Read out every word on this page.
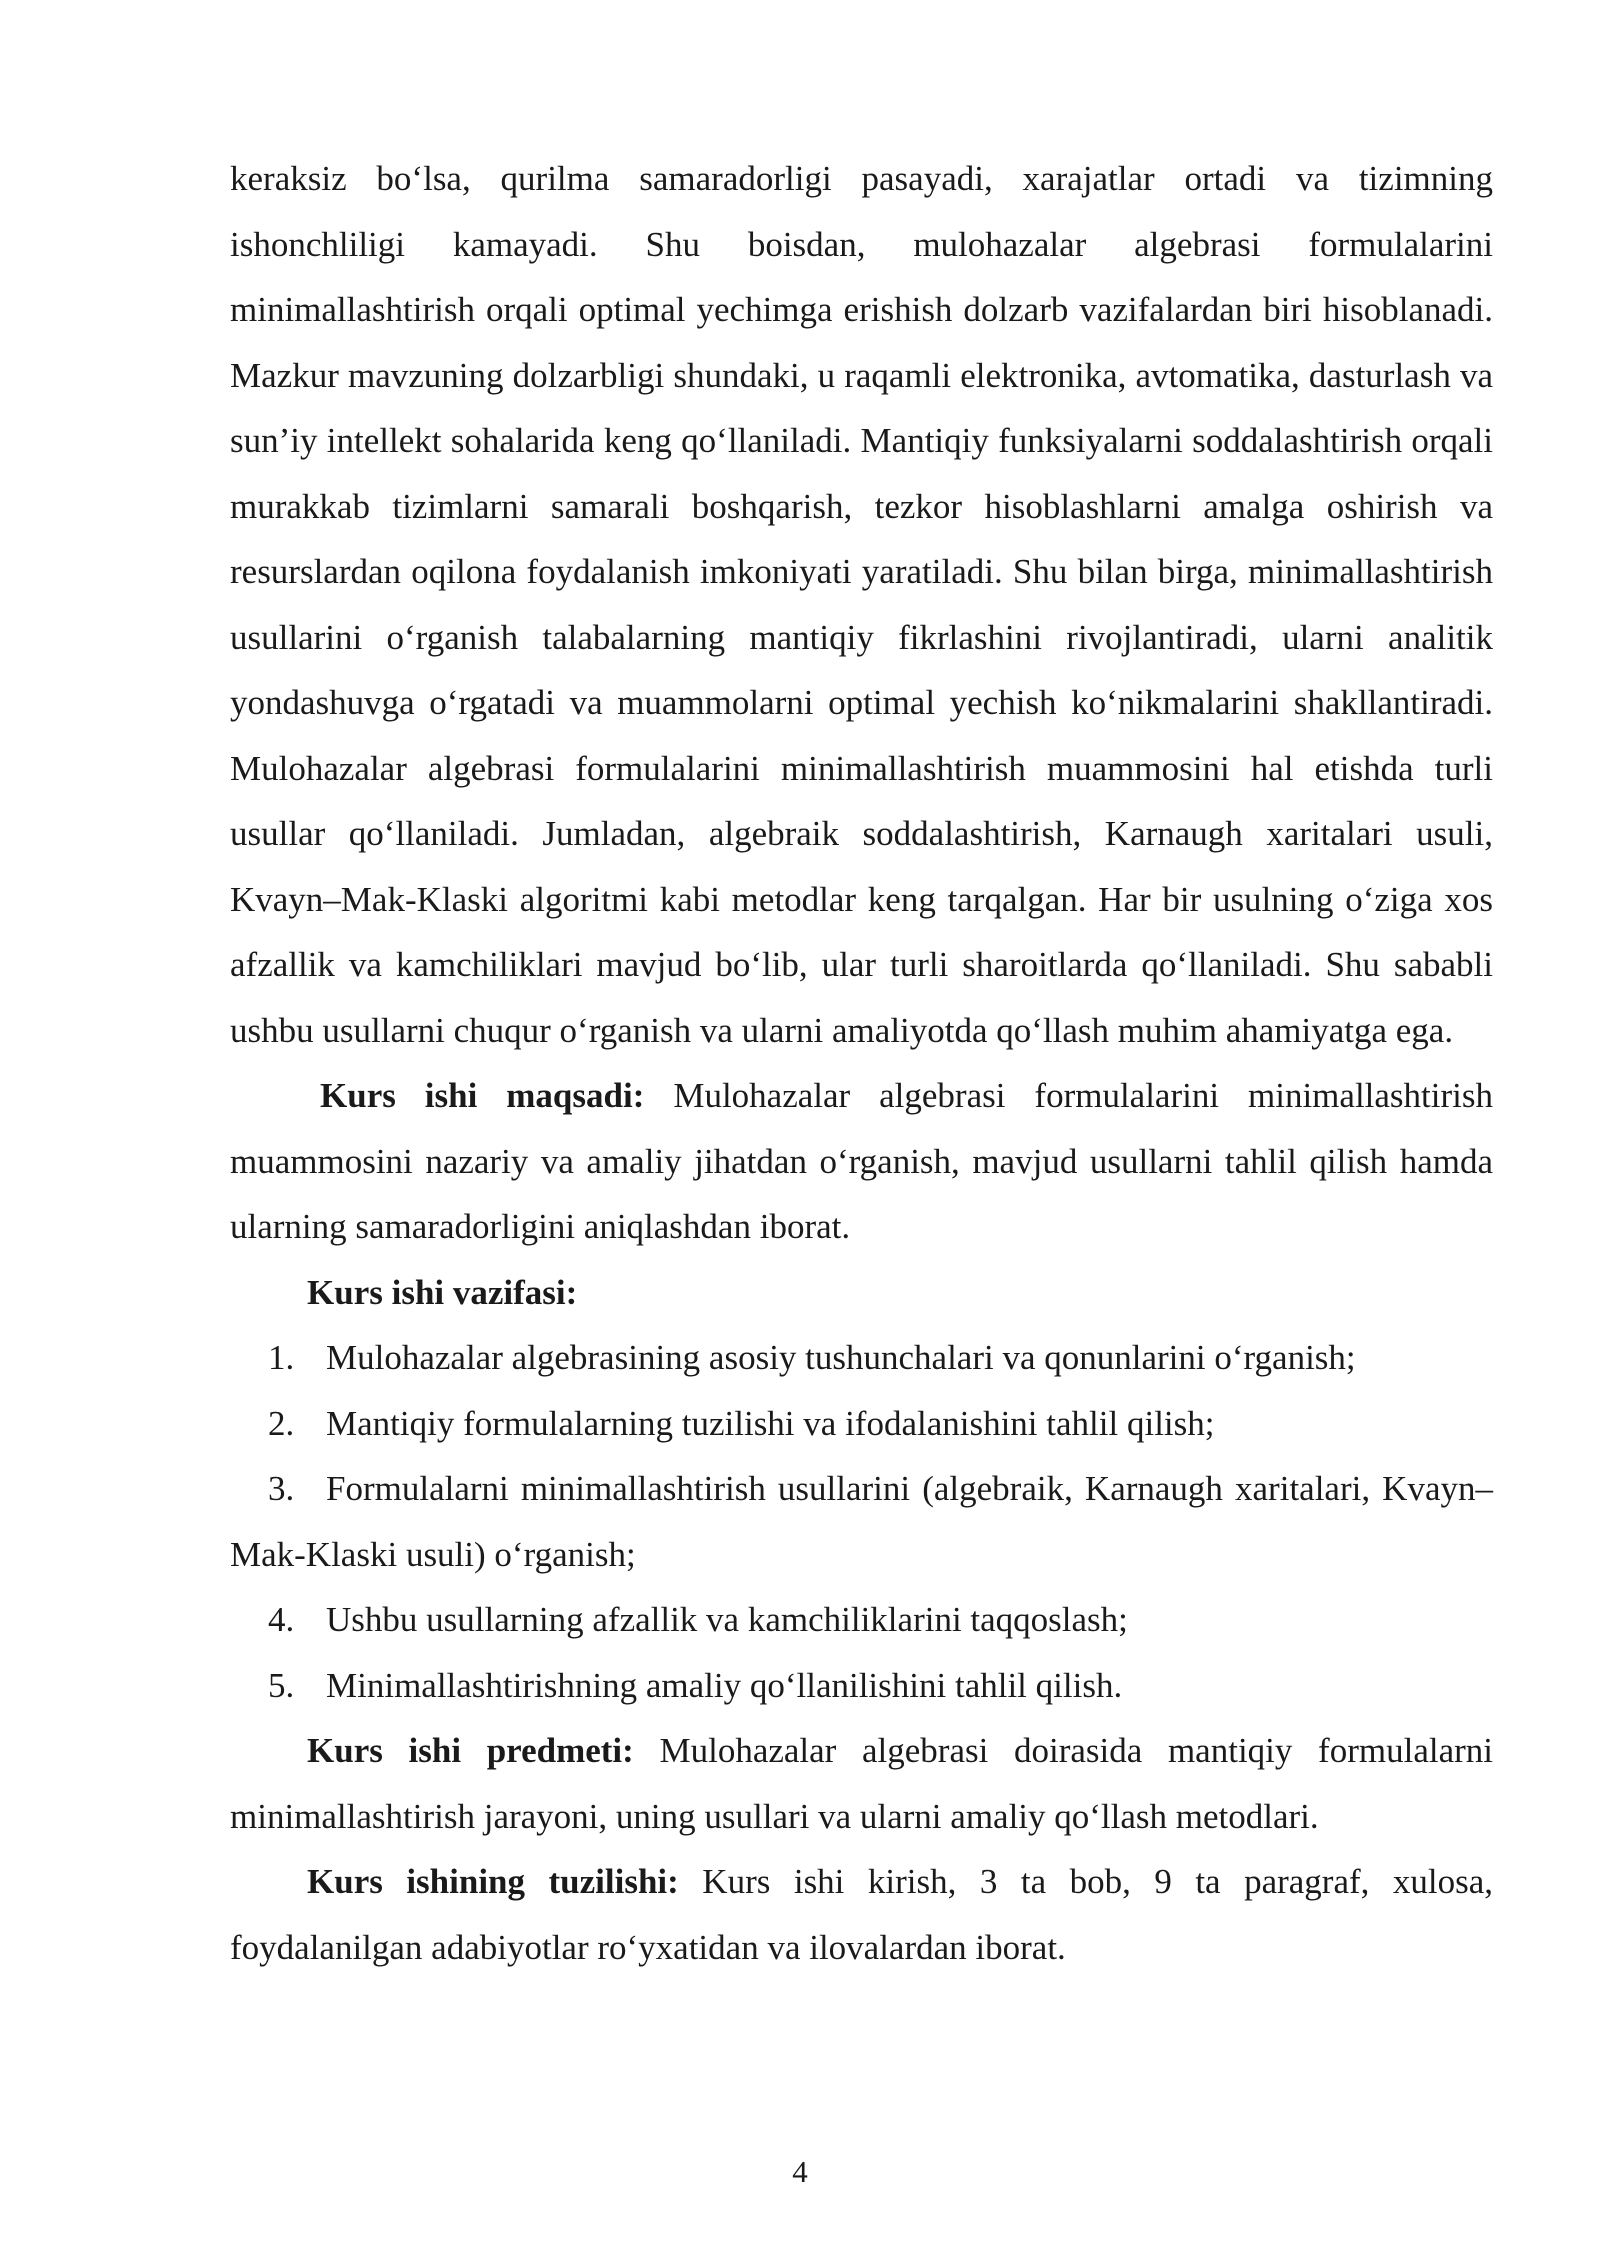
keraksiz bo‘lsa, qurilma samaradorligi pasayadi, xarajatlar ortadi va tizimning ishonchliligi kamayadi. Shu boisdan, mulohazalar algebrasi formulalarini minimallashtirish orqali optimal yechimga erishish dolzarb vazifalardan biri hisoblanadi. Mazkur mavzuning dolzarbligi shundaki, u raqamli elektronika, avtomatika, dasturlash va sun’iy intellekt sohalarida keng qo‘llaniladi. Mantiqiy funksiyalarni soddalashtirish orqali murakkab tizimlarni samarali boshqarish, tezkor hisoblashlarni amalga oshirish va resurslardan oqilona foydalanish imkoniyati yaratiladi. Shu bilan birga, minimallashtirish usullarini o‘rganish talabalarning mantiqiy fikrlashini rivojlantiradi, ularni analitik yondashuvga o‘rgatadi va muammolarni optimal yechish ko‘nikmalarini shakllantiradi. Mulohazalar algebrasi formulalarini minimallashtirish muammosini hal etishda turli usullar qo‘llaniladi. Jumladan, algebraik soddalashtirish, Karnaugh xaritalari usuli, Kvayn–Mak-Klaski algoritmi kabi metodlar keng tarqalgan. Har bir usulning o‘ziga xos afzallik va kamchiliklari mavjud bo‘lib, ular turli sharoitlarda qo‘llaniladi. Shu sababli ushbu usullarni chuqur o‘rganish va ularni amaliyotda qo‘llash muhim ahamiyatga ega.

Kurs ishi maqsadi: Mulohazalar algebrasi formulalarini minimallashtirish muammosini nazariy va amaliy jihatdan o‘rganish, mavjud usullarni tahlil qilish hamda ularning samaradorligini aniqlashdan iborat.

Kurs ishi vazifasi:

1. Mulohazalar algebrasining asosiy tushunchalari va qonunlarini o‘rganish;

2. Mantiqiy formulalarning tuzilishi va ifodalanishini tahlil qilish;

3. Formulalarni minimallashtirish usullarini (algebraik, Karnaugh xaritalari, Kvayn–Mak-Klaski usuli) o‘rganish;

4. Ushbu usullarning afzallik va kamchiliklarini taqqoslash;

5. Minimallashtirishning amaliy qo‘llanilishini tahlil qilish.

Kurs ishi predmeti: Mulohazalar algebrasi doirasida mantiqiy formulalarni minimallashtirish jarayoni, uning usullari va ularni amaliy qo‘llash metodlari.

Kurs ishining tuzilishi: Kurs ishi kirish, 3 ta bob, 9 ta paragraf, xulosa, foydalanilgan adabiyotlar ro‘yxatidan va ilovalardan iborat.

4
